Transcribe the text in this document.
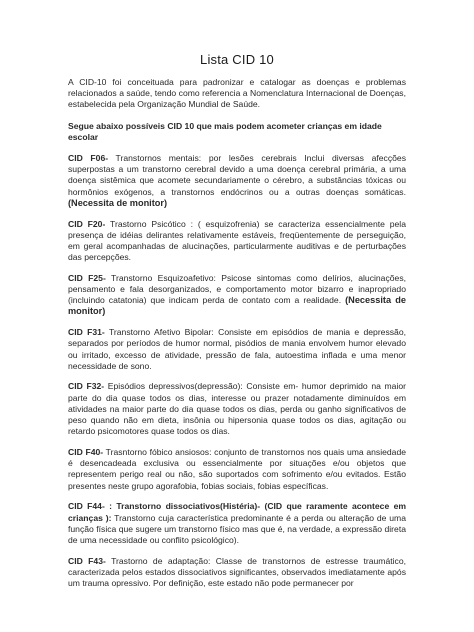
Lista CID 10

A CID-10 foi conceituada para padronizar e catalogar as doenças e problemas relacionados a saúde, tendo como referencia a Nomenclatura Internacional de Doenças, estabelecida pela Organização Mundial de Saúde.

Segue abaixo possíveis CID 10 que mais podem acometer crianças em idade escolar

CID F06- Transtornos mentais: por lesões cerebrais Inclui diversas afecções superpostas a um transtorno cerebral devido a uma doença cerebral primária, a uma doença sistêmica que acomete secundariamente o cérebro, a substâncias tóxicas ou hormônios exógenos, a transtornos endócrinos ou a outras doenças somáticas. (Necessita de monitor)

CID F20- Trastorno Psicótico : ( esquizofrenia) se caracteriza essencialmente pela presença de idéias delirantes relativamente estáveis, freqüentemente de perseguição, em geral acompanhadas de alucinações, particularmente auditivas e de perturbações das percepções.

CID F25- Transtorno Esquizoafetivo: Psicose sintomas como delírios, alucinações, pensamento e fala desorganizados, e comportamento motor bizarro e inapropriado (incluindo catatonia) que indicam perda de contato com a realidade. (Necessita de monitor)

CID F31- Transtorno Afetivo Bipolar: Consiste em episódios de mania e depressão, separados por períodos de humor normal, pisódios de mania envolvem humor elevado ou irritado, excesso de atividade, pressão de fala, autoestima inflada e uma menor necessidade de sono.

CID F32- Episódios depressivos(depressão): Consiste em- humor deprimido na maior parte do dia quase todos os dias, interesse ou prazer notadamente diminuídos em atividades na maior parte do dia quase todos os dias, perda ou ganho significativos de peso quando não em dieta, insônia ou hipersonia quase todos os dias, agitação ou retardo psicomotores quase todos os dias.

CID F40- Trasntorno fóbico ansiosos: conjunto de transtornos nos quais uma ansiedade é desencadeada exclusiva ou essencialmente por situações e/ou objetos que representem perigo real ou não, são suportados com sofrimento e/ou evitados. Estão presentes neste grupo agorafobia, fobias sociais, fobias específicas.

CID F44- : Transtorno dissociativos(Histéria)- (CID que raramente acontece em crianças ): Transtorno cuja característica predominante é a perda ou alteração de uma função física que sugere um transtorno físico mas que é, na verdade, a expressão direta de uma necessidade ou conflito psicológico).

CID F43- Trastorno de adaptação: Classe de transtornos de estresse traumático, caracterizada pelos estados dissociativos significantes, observados imediatamente após um trauma opressivo. Por definição, este estado não pode permanecer por
